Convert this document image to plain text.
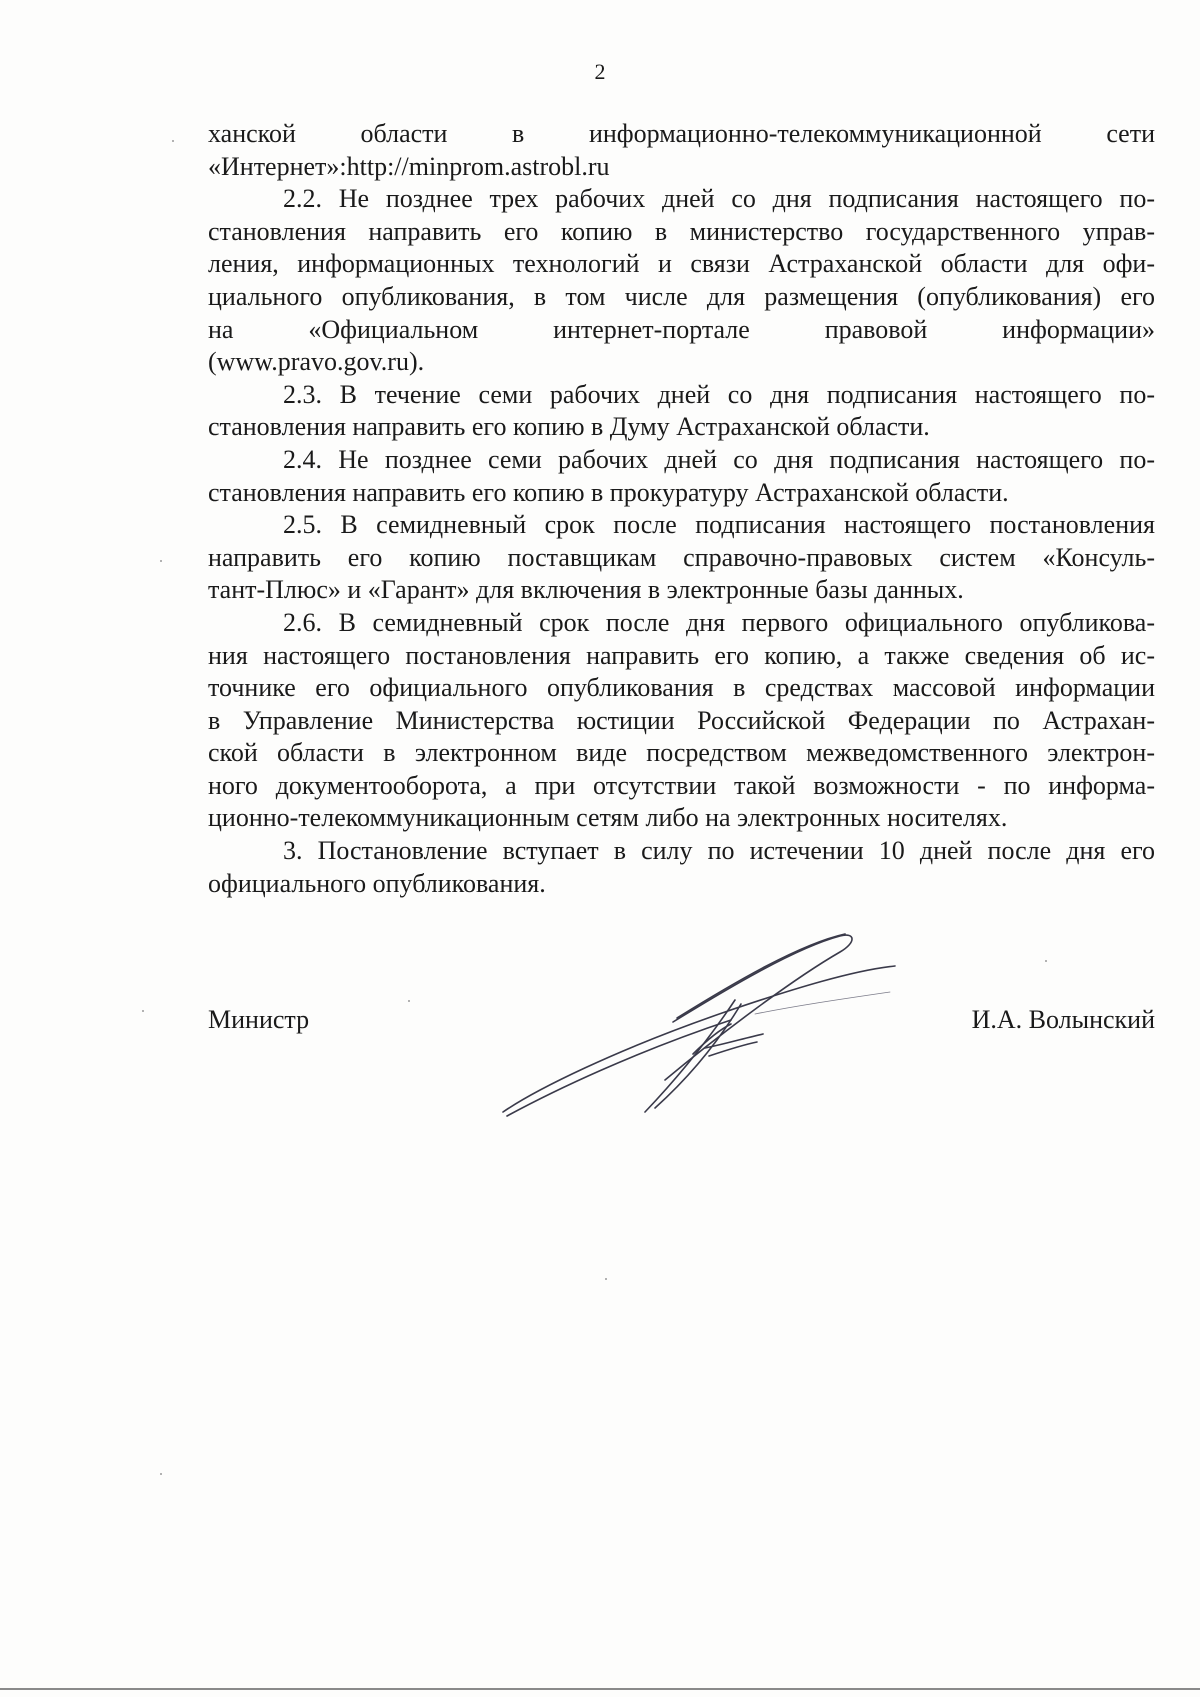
2
ханской области в информационно-телекоммуникационной сети
«Интернет»:http://minprom.astrobl.ru
2.2. Не позднее трех рабочих дней со дня подписания настоящего по-
становления направить его копию в министерство государственного управ-
ления, информационных технологий и связи Астраханской области для офи-
циального опубликования, в том числе для размещения (опубликования) его
на «Официальном интернет-портале правовой информации»
(www.pravo.gov.ru).
2.3. В течение семи рабочих дней со дня подписания настоящего по-
становления направить его копию в Думу Астраханской области.
2.4. Не позднее семи рабочих дней со дня подписания настоящего по-
становления направить его копию в прокуратуру Астраханской области.
2.5. В семидневный срок после подписания настоящего постановления
направить его копию поставщикам справочно-правовых систем «Консуль-
тант-Плюс» и «Гарант» для включения в электронные базы данных.
2.6. В семидневный срок после дня первого официального опубликова-
ния настоящего постановления направить его копию, а также сведения об ис-
точнике его официального опубликования в средствах массовой информации
в Управление Министерства юстиции Российской Федерации по Астрахан-
ской области в электронном виде посредством межведомственного электрон-
ного документооборота, а при отсутствии такой возможности - по информа-
ционно-телекоммуникационным сетям либо на электронных носителях.
3. Постановление вступает в силу по истечении 10 дней после дня его
официального опубликования.
Министр	И.А. Волынский
